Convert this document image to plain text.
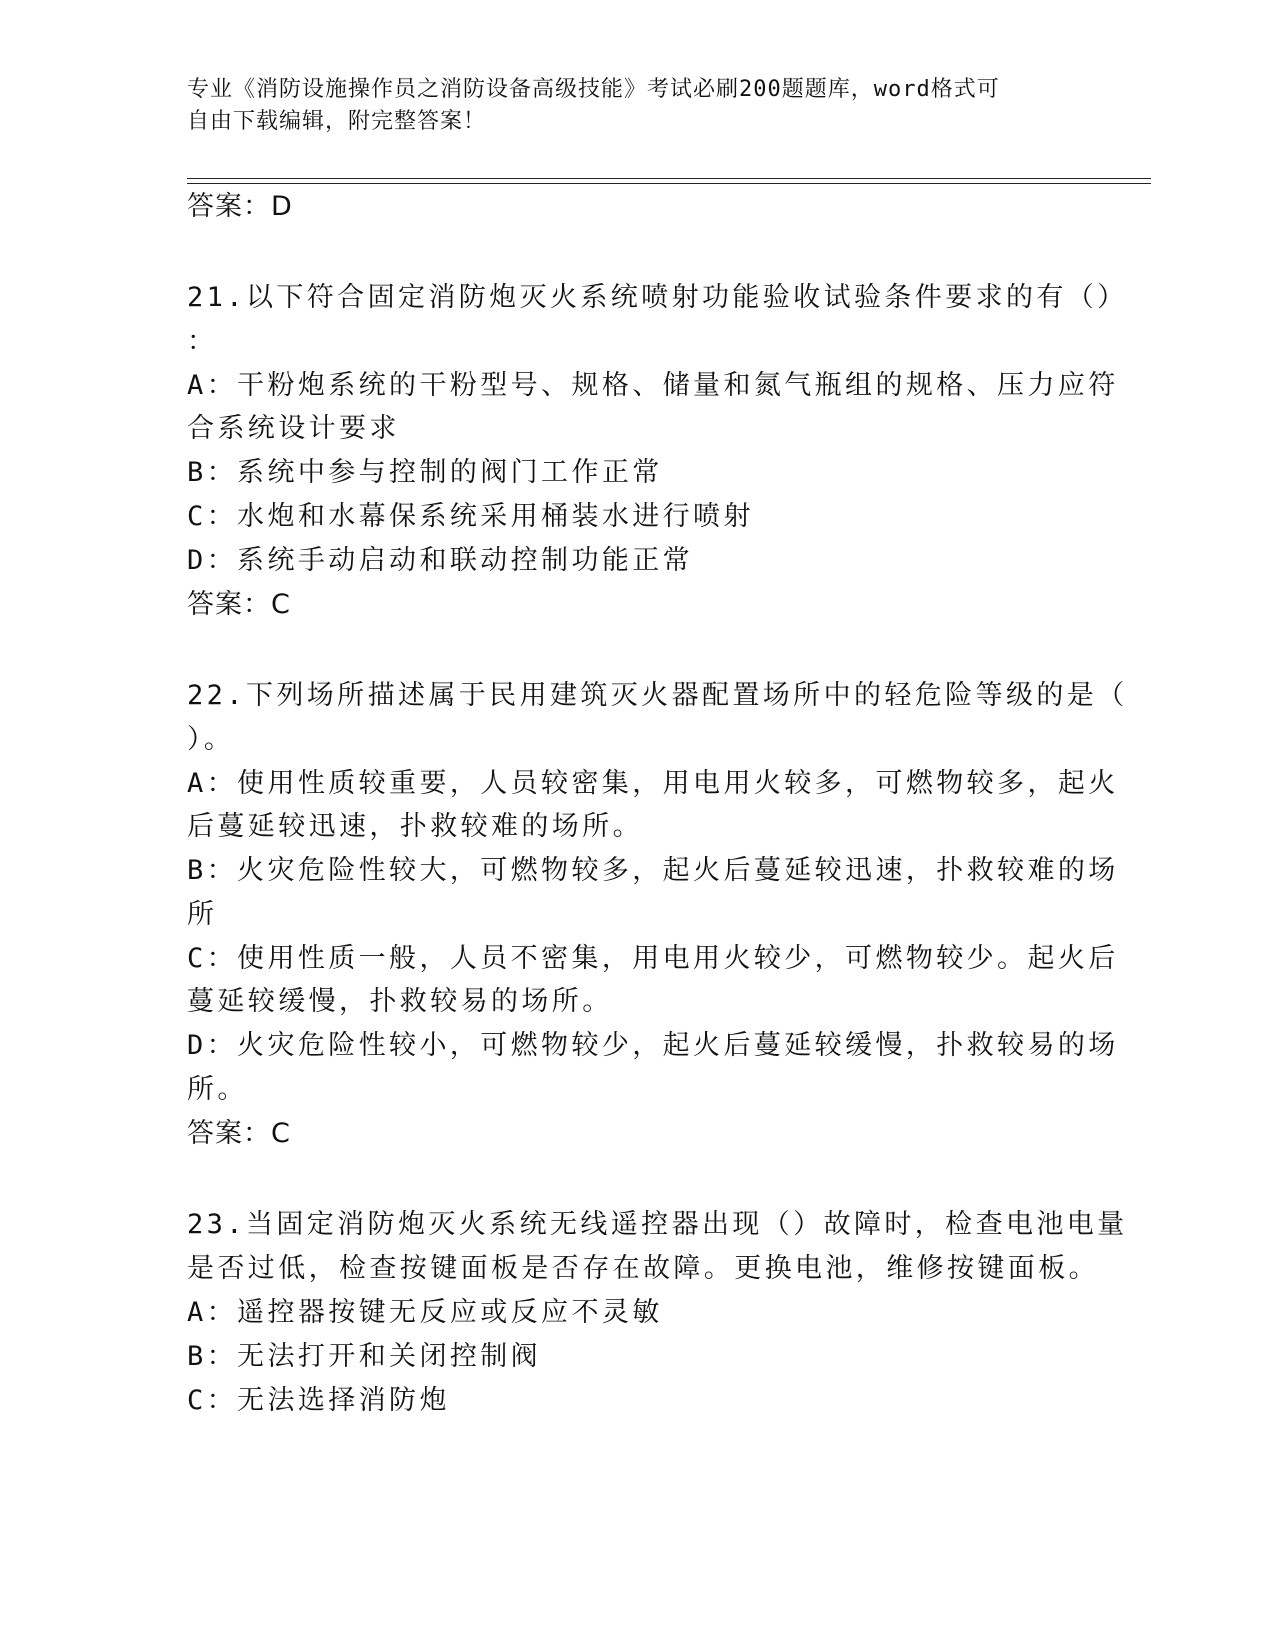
专业《消防设施操作员之消防设备高级技能》考试必刷200题题库，word格式可
自由下载编辑，附完整答案！
答案：D
21.以下符合固定消防炮灭火系统喷射功能验收试验条件要求的有（）
：
A：干粉炮系统的干粉型号、规格、储量和氮气瓶组的规格、压力应符
合系统设计要求
B：系统中参与控制的阀门工作正常
C：水炮和水幕保系统采用桶装水进行喷射
D：系统手动启动和联动控制功能正常
答案：C
22.下列场所描述属于民用建筑灭火器配置场所中的轻危险等级的是（
）。
A：使用性质较重要，人员较密集，用电用火较多，可燃物较多，起火
后蔓延较迅速，扑救较难的场所。
B：火灾危险性较大，可燃物较多，起火后蔓延较迅速，扑救较难的场
所
C：使用性质一般，人员不密集，用电用火较少，可燃物较少。起火后
蔓延较缓慢，扑救较易的场所。
D：火灾危险性较小，可燃物较少，起火后蔓延较缓慢，扑救较易的场
所。
答案：C
23.当固定消防炮灭火系统无线遥控器出现（）故障时，检查电池电量
是否过低，检查按键面板是否存在故障。更换电池，维修按键面板。
A：遥控器按键无反应或反应不灵敏
B：无法打开和关闭控制阀
C：无法选择消防炮
